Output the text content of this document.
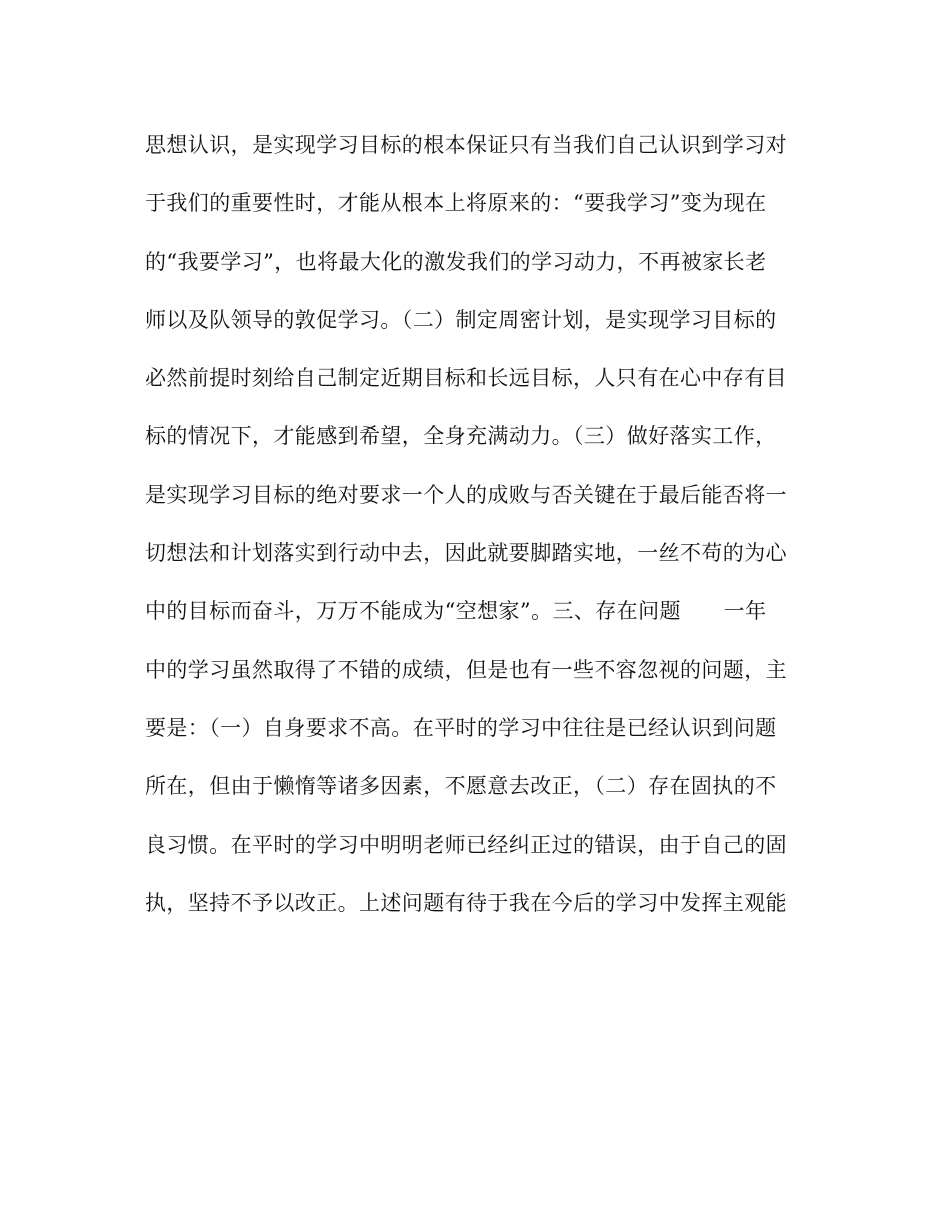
思想认识，是实现学习目标的根本保证只有当我们自己认识到学习对
于我们的重要性时，才能从根本上将原来的：“要我学习”变为现在
的“我要学习”，也将最大化的激发我们的学习动力，不再被家长老
师以及队领导的敦促学习。（二）制定周密计划，是实现学习目标的
必然前提时刻给自己制定近期目标和长远目标，人只有在心中存有目
标的情况下，才能感到希望，全身充满动力。（三）做好落实工作，
是实现学习目标的绝对要求一个人的成败与否关键在于最后能否将一
切想法和计划落实到行动中去，因此就要脚踏实地，一丝不苟的为心
中的目标而奋斗，万万不能成为“空想家”。三、存在问题　　一年
中的学习虽然取得了不错的成绩，但是也有一些不容忽视的问题，主
要是：（一）自身要求不高。在平时的学习中往往是已经认识到问题
所在，但由于懒惰等诸多因素，不愿意去改正，（二）存在固执的不
良习惯。在平时的学习中明明老师已经纠正过的错误，由于自己的固
执，坚持不予以改正。上述问题有待于我在今后的学习中发挥主观能
